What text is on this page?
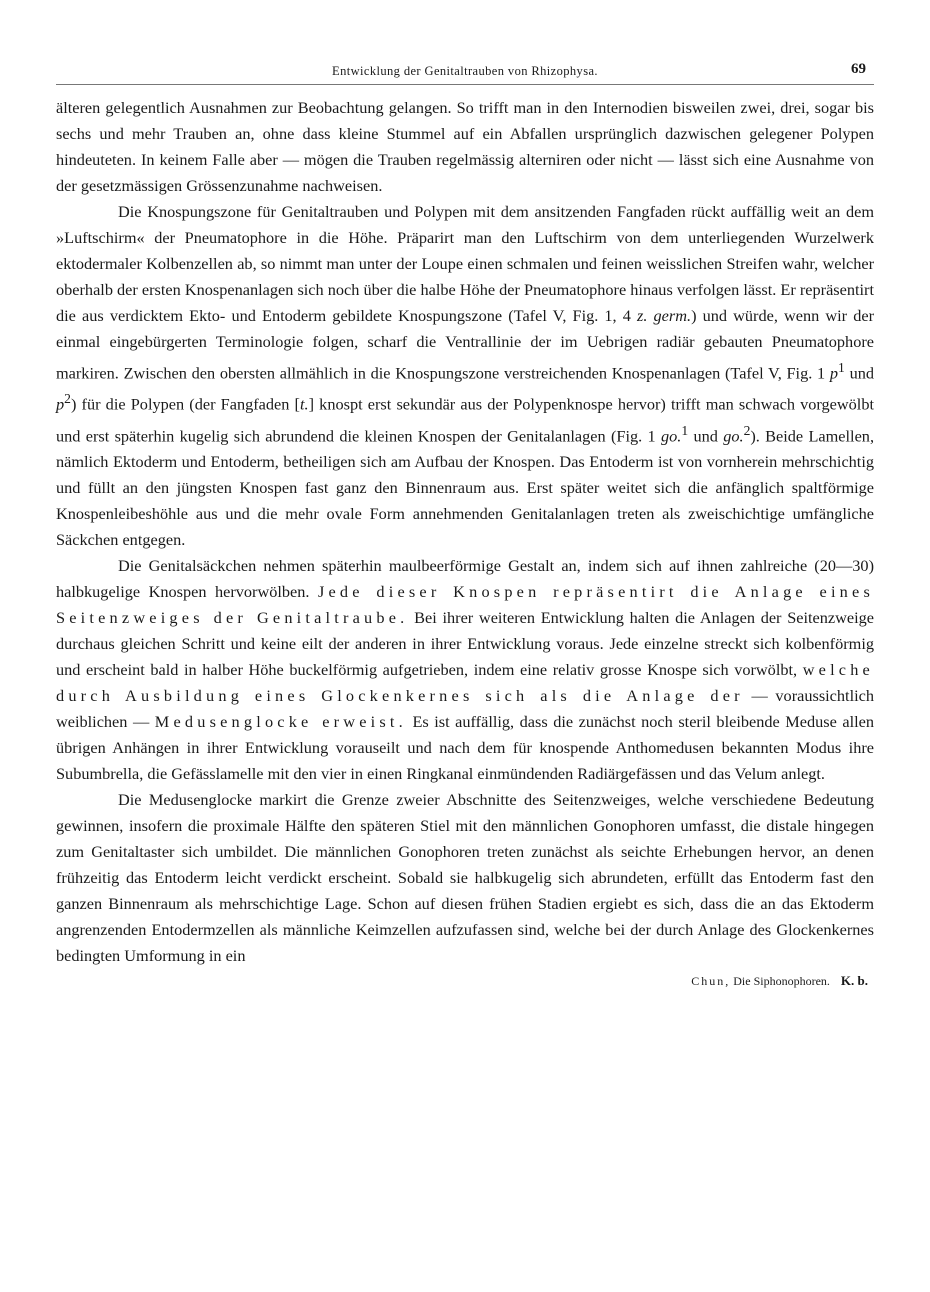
Entwicklung der Genitaltrauben von Rhizophysa.	69

älteren gelegentlich Ausnahmen zur Beobachtung gelangen. So trifft man in den Internodien bisweilen zwei, drei, sogar bis sechs und mehr Trauben an, ohne dass kleine Stummel auf ein Abfallen ursprünglich dazwischen gelegener Polypen hindeuteten. In keinem Falle aber — mögen die Trauben regelmässig alterniren oder nicht — lässt sich eine Ausnahme von der gesetzmässigen Grössenzunahme nachweisen.

Die Knospungszone für Genitaltrauben und Polypen mit dem ansitzenden Fangfaden rückt auffällig weit an dem »Luftschirm« der Pneumatophore in die Höhe. Präparirt man den Luftschirm von dem unterliegenden Wurzelwerk ektodermaler Kolbenzellen ab, so nimmt man unter der Loupe einen schmalen und feinen weisslichen Streifen wahr, welcher oberhalb der ersten Knospenanlagen sich noch über die halbe Höhe der Pneumatophore hinaus verfolgen lässt. Er repräsentirt die aus verdicktem Ekto- und Entoderm gebildete Knospungszone (Tafel V, Fig. 1, 4 z. germ.) und würde, wenn wir der einmal eingebürgerten Terminologie folgen, scharf die Ventrallinie der im Uebrigen radiär gebauten Pneumatophore markiren. Zwischen den obersten allmählich in die Knospungszone verstreichenden Knospenanlagen (Tafel V, Fig. 1 $p^1$ und $p^2$) für die Polypen (der Fangfaden [t.] knospt erst sekundär aus der Polypenknospe hervor) trifft man schwach vorgewölbt und erst späterhin kugelig sich abrundend die kleinen Knospen der Genitalanlagen (Fig. 1 go.$^1$ und go.$^2$). Beide Lamellen, nämlich Ektoderm und Entoderm, betheiligen sich am Aufbau der Knospen. Das Entoderm ist von vornherein mehrschichtig und füllt an den jüngsten Knospen fast ganz den Binnenraum aus. Erst später weitet sich die anfänglich spaltförmige Knospenleibeshöhle aus und die mehr ovale Form annehmenden Genitalanlagen treten als zweischichtige umfängliche Säckchen entgegen.

Die Genitalsäckchen nehmen späterhin maulbeerförmige Gestalt an, indem sich auf ihnen zahlreiche (20—30) halbkugelige Knospen hervorwölben. Jede dieser Knospen repräsentirt die Anlage eines Seitenzweiges der Genitaltraube. Bei ihrer weiteren Entwicklung halten die Anlagen der Seitenzweige durchaus gleichen Schritt und keine eilt der anderen in ihrer Entwicklung voraus. Jede einzelne streckt sich kolbenförmig und erscheint bald in halber Höhe buckelförmig aufgetrieben, indem eine relativ grosse Knospe sich vorwölbt, welche durch Ausbildung eines Glockenkernes sich als die Anlage der — voraussichtlich weiblichen — Medusenglocke erweist. Es ist auffällig, dass die zunächst noch steril bleibende Meduse allen übrigen Anhängen in ihrer Entwicklung vorauseilt und nach dem für knospende Anthomedusen bekannten Modus ihre Subumbrella, die Gefässlamelle mit den vier in einen Ringkanal einmündenden Radiärgefässen und das Velum anlegt.

Die Medusenglocke markirt die Grenze zweier Abschnitte des Seitenzweiges, welche verschiedene Bedeutung gewinnen, insofern die proximale Hälfte den späteren Stiel mit den männlichen Gonophoren umfasst, die distale hingegen zum Genitaltaster sich umbildet. Die männlichen Gonophoren treten zunächst als seichte Erhebungen hervor, an denen frühzeitig das Entoderm leicht verdickt erscheint. Sobald sie halbkugelig sich abrundeten, erfüllt das Entoderm fast den ganzen Binnenraum als mehrschichtige Lage. Schon auf diesen frühen Stadien ergiebt es sich, dass die an das Ektoderm angrenzenden Entodermzellen als männliche Keimzellen aufzufassen sind, welche bei der durch Anlage des Glockenkernes bedingten Umformung in ein

Chun, Die Siphonophoren. K. b.
